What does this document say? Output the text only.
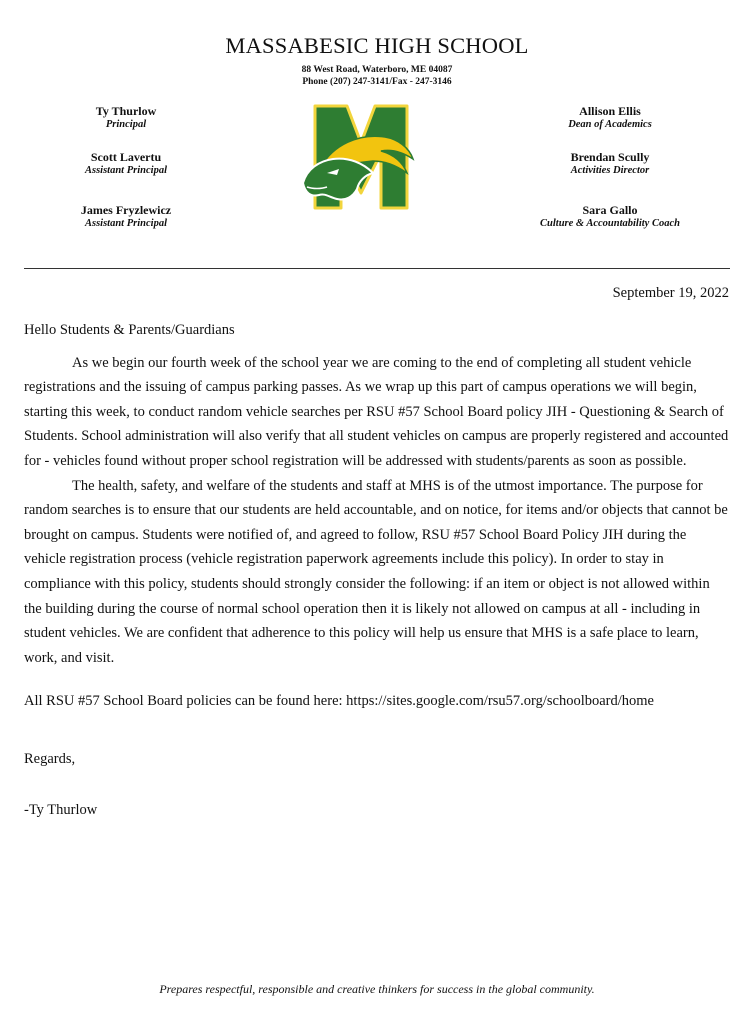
MASSABESIC HIGH SCHOOL
88 West Road, Waterboro, ME 04087
Phone (207) 247-3141/Fax - 247-3146
Ty Thurlow
Principal
Scott Lavertu
Assistant Principal
James Fryzlewicz
Assistant Principal
Allison Ellis
Dean of Academics
Brendan Scully
Activities Director
Sara Gallo
Culture & Accountability Coach
September 19, 2022

Hello Students & Parents/Guardians

As we begin our fourth week of the school year we are coming to the end of completing all student vehicle registrations and the issuing of campus parking passes. As we wrap up this part of campus operations we will begin, starting this week, to conduct random vehicle searches per RSU #57 School Board policy JIH - Questioning & Search of Students. School administration will also verify that all student vehicles on campus are properly registered and accounted for - vehicles found without proper school registration will be addressed with students/parents as soon as possible.

The health, safety, and welfare of the students and staff at MHS is of the utmost importance. The purpose for random searches is to ensure that our students are held accountable, and on notice, for items and/or objects that cannot be brought on campus. Students were notified of, and agreed to follow, RSU #57 School Board Policy JIH during the vehicle registration process (vehicle registration paperwork agreements include this policy). In order to stay in compliance with this policy, students should strongly consider the following: if an item or object is not allowed within the building during the course of normal school operation then it is likely not allowed on campus at all - including in student vehicles. We are confident that adherence to this policy will help us ensure that MHS is a safe place to learn, work, and visit.

All RSU #57 School Board policies can be found here: https://sites.google.com/rsu57.org/schoolboard/home

Regards,

-Ty Thurlow

Prepares respectful, responsible and creative thinkers for success in the global community.
